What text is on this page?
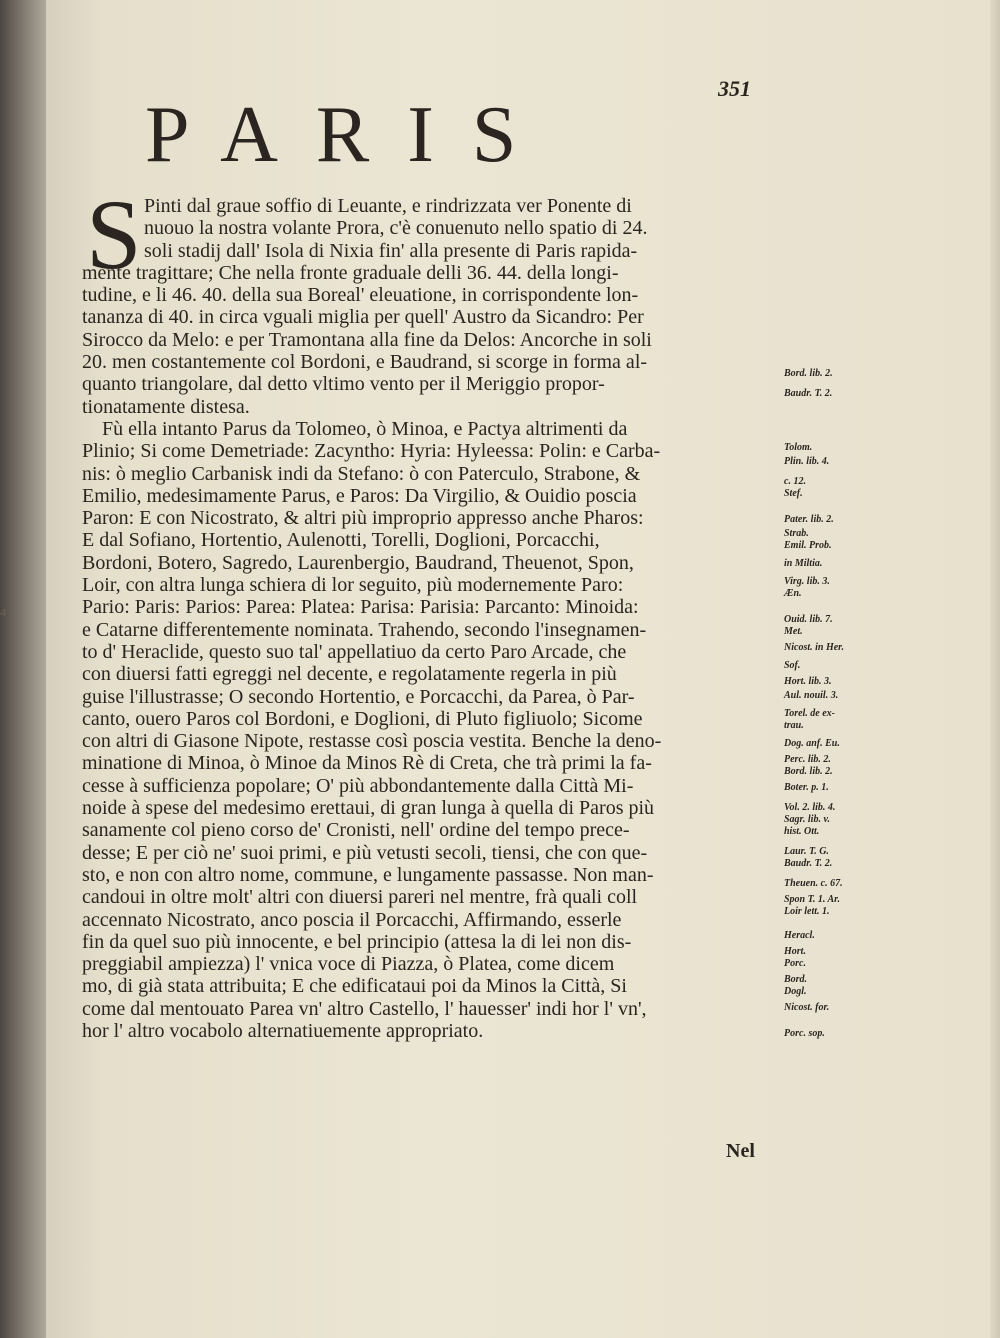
4
351
PARIS
S Pinti dal graue soffio di Leuante, e rindrizzata ver Ponente di
nuouo la nostra volante Prora, c'è conuenuto nello spatio di 24.
soli stadij dall' Isola di Nixia fin' alla presente di Paris rapida-
mente tragittare; Che nella fronte graduale delli 36. 44. della longi-
tudine, e li 46. 40. della sua Boreal' eleuatione, in corrispondente lon-
tananza di 40. in circa vguali miglia per quell' Austro da Sicandro: Per
Sirocco da Melo: e per Tramontana alla fine da Delos: Ancorche in soli
20. men costantemente col Bordoni, e Baudrand, si scorge in forma al-
quanto triangolare, dal detto vltimo vento per il Meriggio propor-
tionatamente distesa.
Fù ella intanto Parus da Tolomeo, ò Minoa, e Pactya altrimenti da
Plinio; Si come Demetriade: Zacyntho: Hyria: Hyleessa: Polin: e Carba-
nis: ò meglio Carbanisk indi da Stefano: ò con Paterculo, Strabone, &
Emilio, medesimamente Parus, e Paros: Da Virgilio, & Ouidio poscia
Paron: E con Nicostrato, & altri più improprio appresso anche Pharos:
E dal Sofiano, Hortentio, Aulenotti, Torelli, Doglioni, Porcacchi,
Bordoni, Botero, Sagredo, Laurenbergio, Baudrand, Theuenot, Spon,
Loir, con altra lunga schiera di lor seguito, più modernemente Paro:
Pario: Paris: Parios: Parea: Platea: Parisa: Parisia: Parcanto: Minoida:
e Catarne differentemente nominata. Trahendo, secondo l'insegnamen-
to d' Heraclide, questo suo tal' appellatiuo da certo Paro Arcade, che
con diuersi fatti egreggi nel decente, e regolatamente regerla in più
guise l'illustrasse; O secondo Hortentio, e Porcacchi, da Parea, ò Par-
canto, ouero Paros col Bordoni, e Doglioni, di Pluto figliuolo; Sicome
con altri di Giasone Nipote, restasse così poscia vestita. Benche la deno-
minatione di Minoa, ò Minoe da Minos Rè di Creta, che trà primi la fa-
cesse à sufficienza popolare; O' più abbondantemente dalla Città Mi-
noide à spese del medesimo erettaui, di gran lunga à quella di Paros più
sanamente col pieno corso de' Cronisti, nell' ordine del tempo prece-
desse; E per ciò ne' suoi primi, e più vetusti secoli, tiensi, che con que-
sto, e non con altro nome, commune, e lungamente passasse. Non man-
candoui in oltre molt' altri con diuersi pareri nel mentre, frà quali coll
accennato Nicostrato, anco poscia il Porcacchi, Affirmando, esserle
fin da quel suo più innocente, e bel principio (attesa la di lei non dis-
preggiabil ampiezza) l' vnica voce di Piazza, ò Platea, come dicem
mo, di già stata attribuita; E che edificataui poi da Minos la Città, Si
come dal mentouato Parea vn' altro Castello, l' hauesser' indi hor l' vn',
hor l' altro vocabolo alternatiuemente appropriato.
Nel
Bord. lib. 2.
Baudr. T. 2.
Tolom.
Plin. lib. 4.
c. 12.
Stef.
Pater. lib. 2.
Strab.
Emil. Prob.
in Miltia.
Virg. lib. 3.
Æn.
Ouid. lib. 7.
Met.
Nicost. in Her.
Sof.
Hort. lib. 3.
Aul. nouil. 3.
Torel. de ex-
trau.
Dog. anf. Eu.
Perc. lib. 2.
Bord. lib. 2.
Boter. p. 1.
Vol. 2. lib. 4.
Sagr. lib. v.
hist. Ott.
Laur. T. G.
Baudr. T. 2.
Theuen. c. 67.
Spon T. 1. Ar.
Loir lett. 1.
Heracl.
Hort.
Porc.
Bord.
Dogl.
Nicost. for.
Porc. sop.
